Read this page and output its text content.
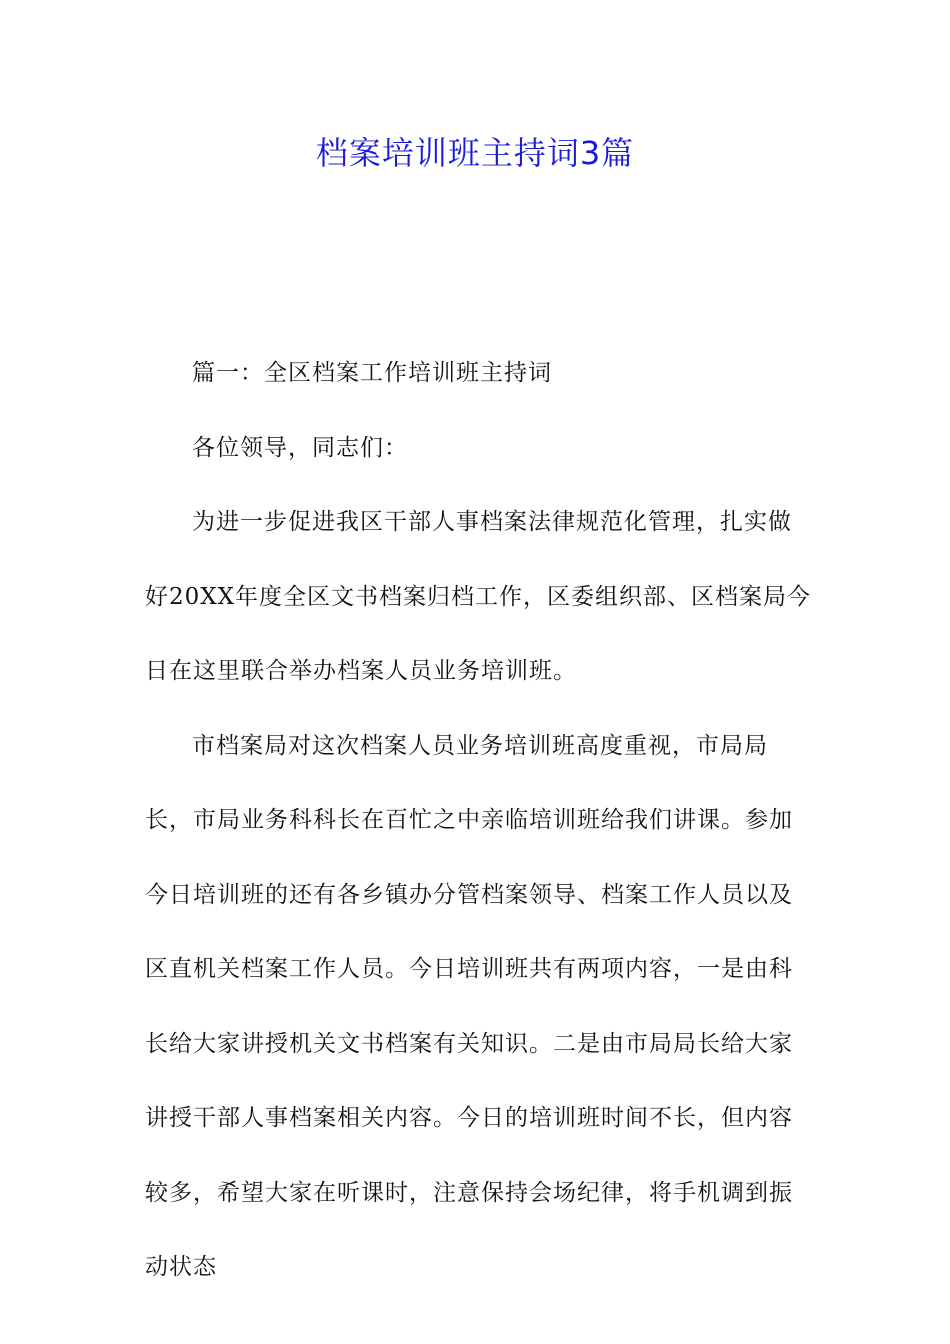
档案培训班主持词3篇

篇一：全区档案工作培训班主持词

各位领导，同志们：

为进一步促进我区干部人事档案法律规范化管理，扎实做好20XX年度全区文书档案归档工作，区委组织部、区档案局今日在这里联合举办档案人员业务培训班。

市档案局对这次档案人员业务培训班高度重视，市局局长，市局业务科科长在百忙之中亲临培训班给我们讲课。参加今日培训班的还有各乡镇办分管档案领导、档案工作人员以及区直机关档案工作人员。今日培训班共有两项内容，一是由科长给大家讲授机关文书档案有关知识。二是由市局局长给大家讲授干部人事档案相关内容。今日的培训班时间不长，但内容较多，希望大家在听课时，注意保持会场纪律，将手机调到振动状态
